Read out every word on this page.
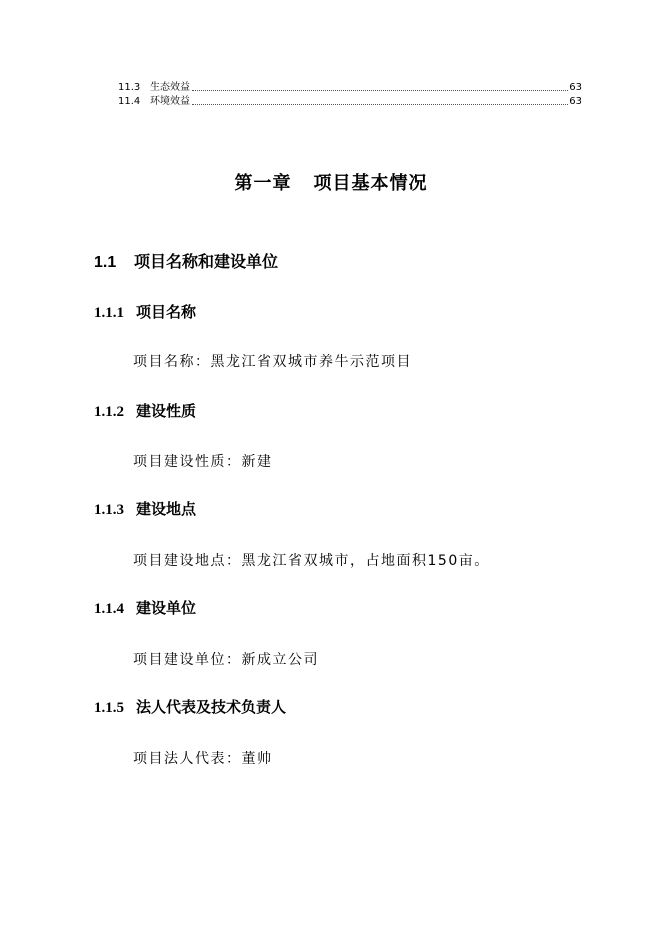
11.3 生态效益	63
11.4 环境效益	63
第一章 项目基本情况
1.1 项目名称和建设单位
1.1.1 项目名称
项目名称：黑龙江省双城市养牛示范项目
1.1.2 建设性质
项目建设性质：新建
1.1.3 建设地点
项目建设地点：黑龙江省双城市，占地面积150亩。
1.1.4 建设单位
项目建设单位：新成立公司
1.1.5 法人代表及技术负责人
项目法人代表：董帅
